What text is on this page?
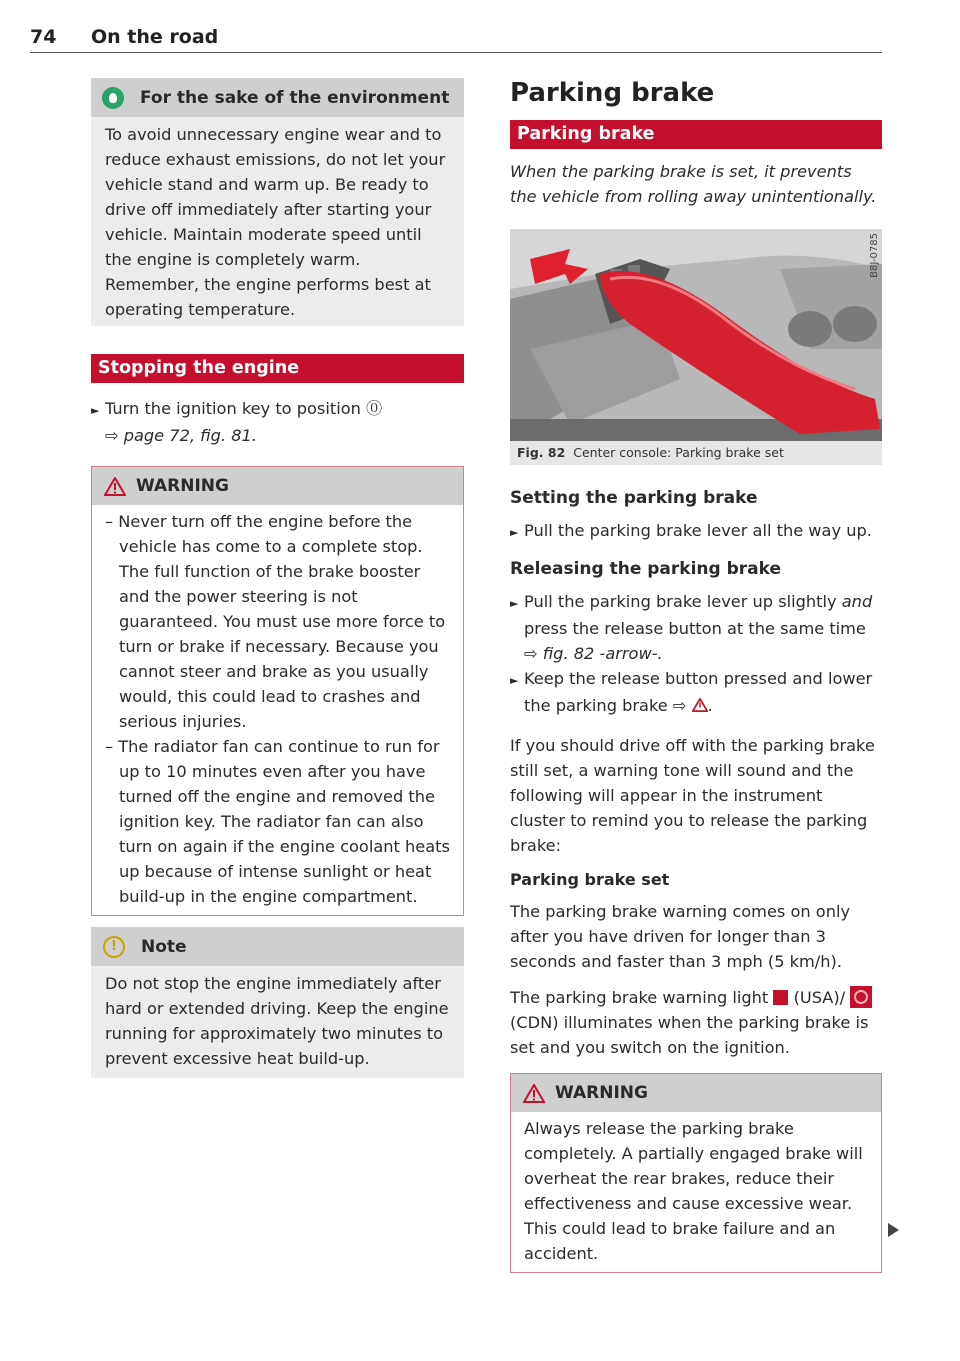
74 On the road
For the sake of the environment

To avoid unnecessary engine wear and to reduce exhaust emissions, do not let your vehicle stand and warm up. Be ready to drive off immediately after starting your vehicle. Maintain moderate speed until the engine is completely warm. Remember, the engine performs best at operating temperature.

Stopping the engine

► Turn the ignition key to position ⓪
⇨ page 72, fig. 81.

WARNING

– Never turn off the engine before the vehicle has come to a complete stop. The full function of the brake booster and the power steering is not guaranteed. You must use more force to turn or brake if necessary. Because you cannot steer and brake as you usually would, this could lead to crashes and serious injuries.

– The radiator fan can continue to run for up to 10 minutes even after you have turned off the engine and removed the ignition key. The radiator fan can also turn on again if the engine coolant heats up because of intense sunlight or heat build-up in the engine compartment.

!	Note

Do not stop the engine immediately after hard or extended driving. Keep the engine running for approximately two minutes to prevent excessive heat build-up.

Parking brake
Parking brake

When the parking brake is set, it prevents the vehicle from rolling away unintentionally.

B8J-0785
Fig. 82 Center console: Parking brake set
Setting the parking brake

► Pull the parking brake lever all the way up.

Releasing the parking brake

► Pull the parking brake lever up slightly and press the release button at the same time ⇨ fig. 82 -arrow-.

► Keep the release button pressed and lower the parking brake ⇨ .

If you should drive off with the parking brake still set, a warning tone will sound and the following will appear in the instrument cluster to remind you to release the parking brake:

Parking brake set

The parking brake warning comes on only after you have driven for longer than 3 seconds and faster than 3 mph (5 km/h).

The parking brake warning light (USA)/  (CDN) illuminates when the parking brake is set and you switch on the ignition.

WARNING

Always release the parking brake completely. A partially engaged brake will overheat the rear brakes, reduce their effectiveness and cause excessive wear. This could lead to brake failure and an accident.
